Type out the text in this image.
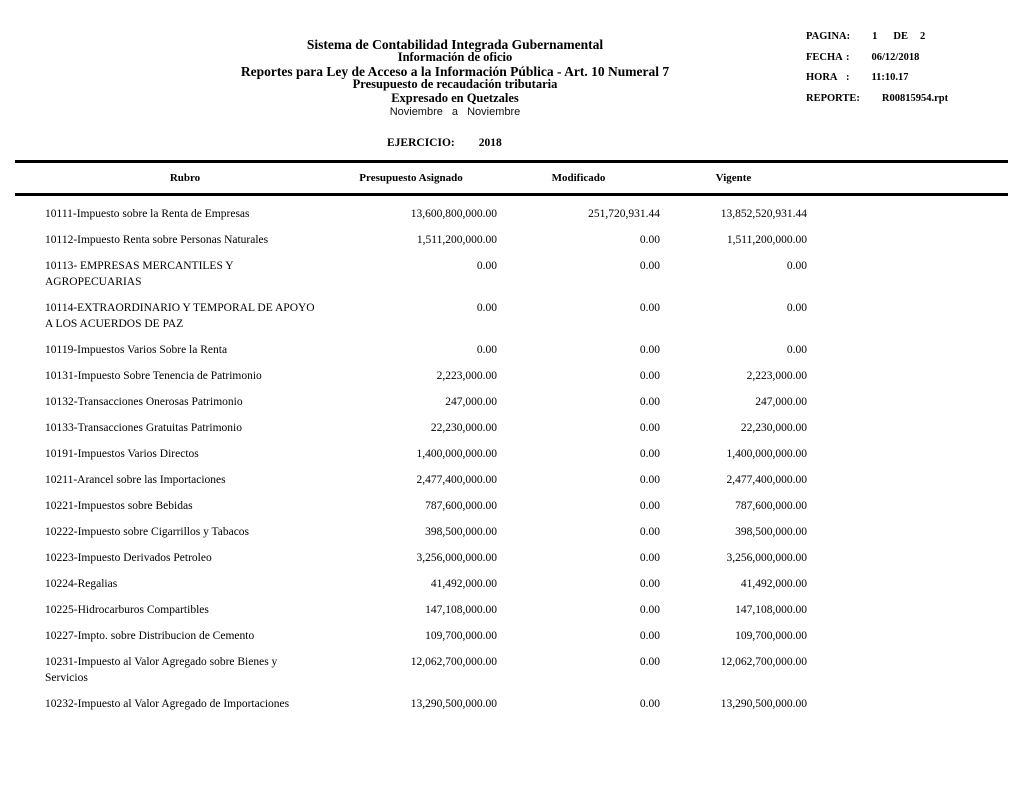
Sistema de Contabilidad Integrada Gubernamental
Información de oficio
Reportes para Ley de Acceso a la Información Pública - Art. 10 Numeral 7
Presupuesto de recaudación tributaria
Expresado en Quetzales
Noviembre a Noviembre
PAGINA : 1 DE 2
FECHA : 06/12/2018
HORA : 11:10.17
REPORTE : R00815954.rpt
EJERCICIO: 2018
Rubro	Presupuesto Asignado	Modificado	Vigente	
10111-Impuesto sobre la Renta de Empresas	13,600,800,000.00	251,720,931.44	13,852,520,931.44	
10112-Impuesto Renta sobre Personas Naturales	1,511,200,000.00	0.00	1,511,200,000.00	
10113- EMPRESAS MERCANTILES Y AGROPECUARIAS	0.00	0.00	0.00	
10114-EXTRAORDINARIO Y TEMPORAL DE APOYO A LOS ACUERDOS DE PAZ	0.00	0.00	0.00	
10119-Impuestos Varios Sobre la Renta	0.00	0.00	0.00	
10131-Impuesto Sobre Tenencia de Patrimonio	2,223,000.00	0.00	2,223,000.00	
10132-Transacciones Onerosas Patrimonio	247,000.00	0.00	247,000.00	
10133-Transacciones Gratuitas Patrimonio	22,230,000.00	0.00	22,230,000.00	
10191-Impuestos Varios Directos	1,400,000,000.00	0.00	1,400,000,000.00	
10211-Arancel sobre las Importaciones	2,477,400,000.00	0.00	2,477,400,000.00	
10221-Impuestos sobre Bebidas	787,600,000.00	0.00	787,600,000.00	
10222-Impuesto sobre Cigarrillos y Tabacos	398,500,000.00	0.00	398,500,000.00	
10223-Impuesto Derivados Petroleo	3,256,000,000.00	0.00	3,256,000,000.00	
10224-Regalias	41,492,000.00	0.00	41,492,000.00	
10225-Hidrocarburos Compartibles	147,108,000.00	0.00	147,108,000.00	
10227-Impto. sobre Distribucion de Cemento	109,700,000.00	0.00	109,700,000.00	
10231-Impuesto al Valor Agregado sobre Bienes y Servicios	12,062,700,000.00	0.00	12,062,700,000.00	
10232-Impuesto al Valor Agregado de Importaciones	13,290,500,000.00	0.00	13,290,500,000.00	
